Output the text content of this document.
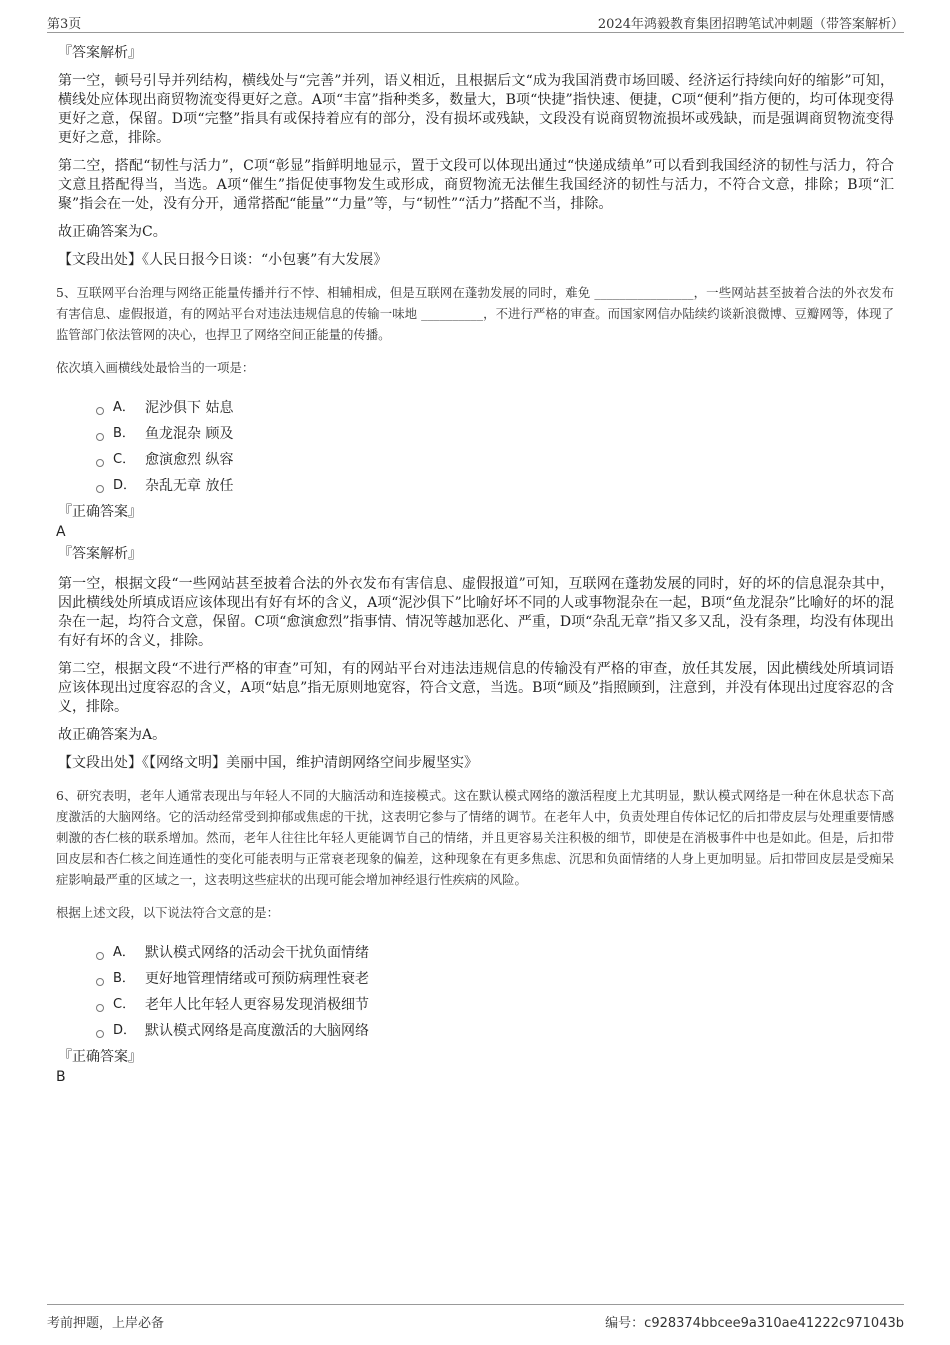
第3页	2024年鸿毅教育集团招聘笔试冲刺题（带答案解析）
『答案解析』

第一空，顿号引导并列结构，横线处与“完善”并列，语义相近，且根据后文“成为我国消费市场回暖、经济运行持续向好的缩影”可知，横线处应体现出商贸物流变得更好之意。A项“丰富”指种类多，数量大，B项“快捷”指快速、便捷，C项“便利”指方便的，均可体现变得更好之意，保留。D项“完整”指具有或保持着应有的部分，没有损坏或残缺，文段没有说商贸物流损坏或残缺，而是强调商贸物流变得更好之意，排除。

第二空，搭配“韧性与活力”，C项“彰显”指鲜明地显示，置于文段可以体现出通过“快递成绩单”可以看到我国经济的韧性与活力，符合文意且搭配得当，当选。A项“催生”指促使事物发生或形成，商贸物流无法催生我国经济的韧性与活力，不符合文意，排除；B项“汇聚”指会在一处，没有分开，通常搭配“能量”“力量”等，与“韧性”“活力”搭配不当，排除。

故正确答案为C。

【文段出处】《人民日报今日谈：“小包裹”有大发展》

5、互联网平台治理与网络正能量传播并行不悖、相辅相成，但是互联网在蓬勃发展的同时，难免 ________________，一些网站甚至披着合法的外衣发布有害信息、虚假报道，有的网站平台对违法违规信息的传输一味地 __________，不进行严格的审查。而国家网信办陆续约谈新浪微博、豆瓣网等，体现了监管部门依法管网的决心，也捍卫了网络空间正能量的传播。

依次填入画横线处最恰当的一项是：

A． 泥沙俱下 姑息
B． 鱼龙混杂 顾及
C． 愈演愈烈 纵容
D． 杂乱无章 放任
『正确答案』
A
『答案解析』

第一空，根据文段“一些网站甚至披着合法的外衣发布有害信息、虚假报道”可知，互联网在蓬勃发展的同时，好的坏的信息混杂其中，因此横线处所填成语应该体现出有好有坏的含义，A项“泥沙俱下”比喻好坏不同的人或事物混杂在一起，B项“鱼龙混杂”比喻好的坏的混杂在一起，均符合文意，保留。C项“愈演愈烈”指事情、情况等越加恶化、严重，D项“杂乱无章”指又多又乱，没有条理，均没有体现出有好有坏的含义，排除。

第二空，根据文段“不进行严格的审查”可知，有的网站平台对违法违规信息的传输没有严格的审查，放任其发展，因此横线处所填词语应该体现出过度容忍的含义，A项“姑息”指无原则地宽容，符合文意，当选。B项“顾及”指照顾到，注意到，并没有体现出过度容忍的含义，排除。

故正确答案为A。

【文段出处】《【网络文明】美丽中国，维护清朗网络空间步履坚实》

6、研究表明，老年人通常表现出与年轻人不同的大脑活动和连接模式。这在默认模式网络的激活程度上尤其明显，默认模式网络是一种在休息状态下高度激活的大脑网络。它的活动经常受到抑郁或焦虑的干扰，这表明它参与了情绪的调节。在老年人中，负责处理自传体记忆的后扣带皮层与处理重要情感刺激的杏仁核的联系增加。然而，老年人往往比年轻人更能调节自己的情绪，并且更容易关注积极的细节，即使是在消极事件中也是如此。但是，后扣带回皮层和杏仁核之间连通性的变化可能表明与正常衰老现象的偏差，这种现象在有更多焦虑、沉思和负面情绪的人身上更加明显。后扣带回皮层是受痴呆症影响最严重的区域之一，这表明这些症状的出现可能会增加神经退行性疾病的风险。

根据上述文段，以下说法符合文意的是：

A． 默认模式网络的活动会干扰负面情绪
B． 更好地管理情绪或可预防病理性衰老
C． 老年人比年轻人更容易发现消极细节
D． 默认模式网络是高度激活的大脑网络
『正确答案』
B
考前押题，上岸必备	编号：c928374bbcee9a310ae41222c971043b
